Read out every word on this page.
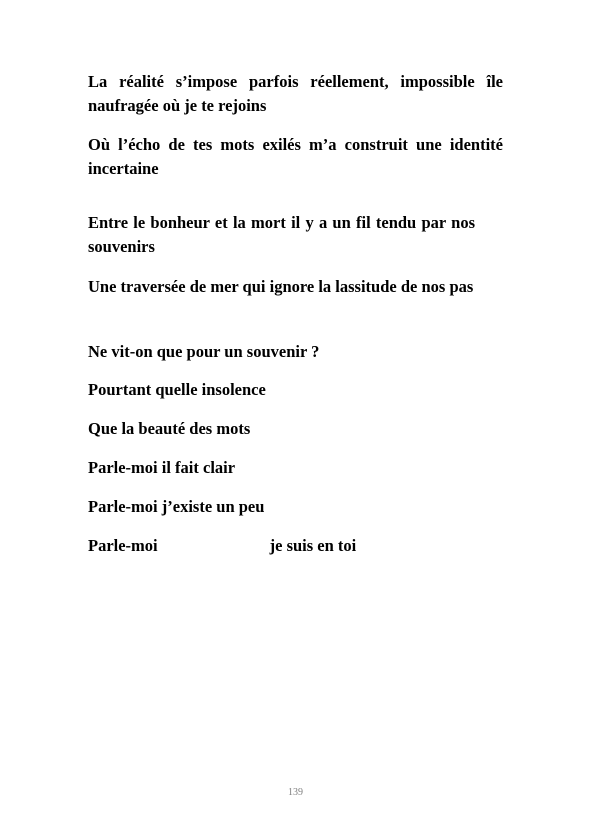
La réalité s’impose parfois réellement, impossible île naufragée où je te rejoins

Où l’écho de tes mots exilés m’a construit une identité incertaine

Entre le bonheur et la mort il y a un fil tendu par nossouvenirs

Une traversée de mer qui ignore la lassitude de nos pas

Ne vit-on que pour un souvenir ?

Pourtant quelle insolence

Que la beauté des mots

Parle-moi il fait clair

Parle-moi j’existe un peu

Parle-moi	je suis en toi

139
